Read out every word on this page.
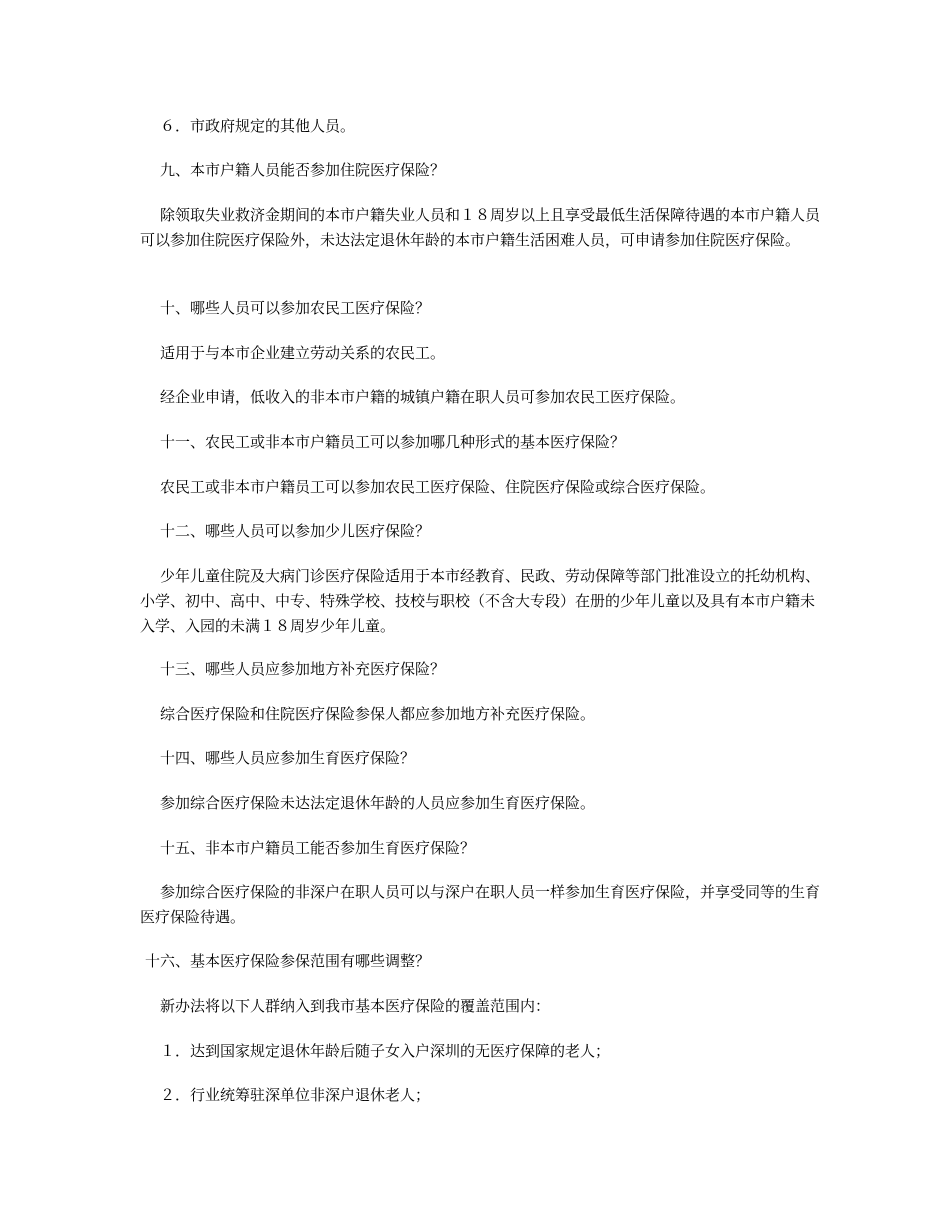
６．市政府规定的其他人员。

九、本市户籍人员能否参加住院医疗保险？

除领取失业救济金期间的本市户籍失业人员和１８周岁以上且享受最低生活保障待遇的本市户籍人员可以参加住院医疗保险外，未达法定退休年龄的本市户籍生活困难人员，可申请参加住院医疗保险。

十、哪些人员可以参加农民工医疗保险？

适用于与本市企业建立劳动关系的农民工。

经企业申请，低收入的非本市户籍的城镇户籍在职人员可参加农民工医疗保险。

十一、农民工或非本市户籍员工可以参加哪几种形式的基本医疗保险？

农民工或非本市户籍员工可以参加农民工医疗保险、住院医疗保险或综合医疗保险。

十二、哪些人员可以参加少儿医疗保险？

少年儿童住院及大病门诊医疗保险适用于本市经教育、民政、劳动保障等部门批准设立的托幼机构、小学、初中、高中、中专、特殊学校、技校与职校（不含大专段）在册的少年儿童以及具有本市户籍未入学、入园的未满１８周岁少年儿童。

十三、哪些人员应参加地方补充医疗保险？

综合医疗保险和住院医疗保险参保人都应参加地方补充医疗保险。

十四、哪些人员应参加生育医疗保险？

参加综合医疗保险未达法定退休年龄的人员应参加生育医疗保险。

十五、非本市户籍员工能否参加生育医疗保险？

参加综合医疗保险的非深户在职人员可以与深户在职人员一样参加生育医疗保险，并享受同等的生育医疗保险待遇。

十六、基本医疗保险参保范围有哪些调整？

新办法将以下人群纳入到我市基本医疗保险的覆盖范围内：

１．达到国家规定退休年龄后随子女入户深圳的无医疗保障的老人；

２．行业统筹驻深单位非深户退休老人；
